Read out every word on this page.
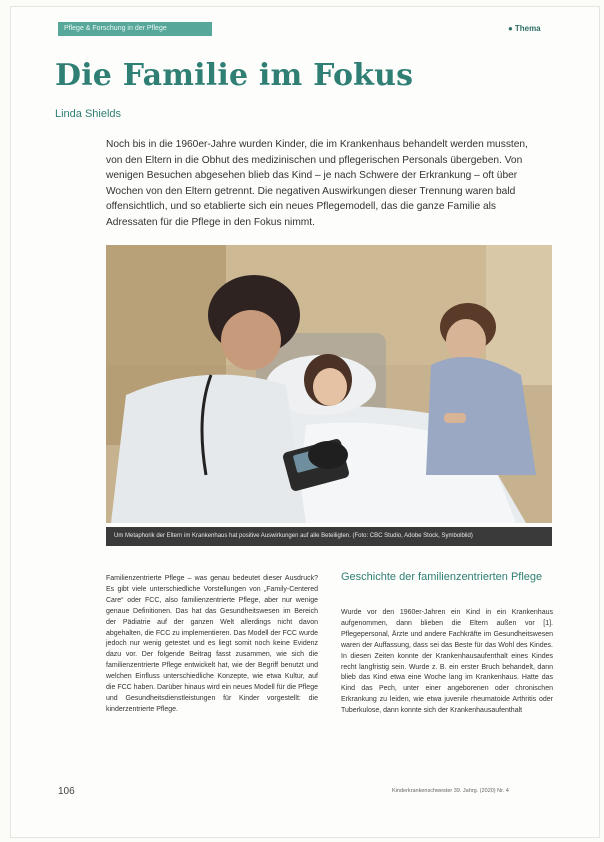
Pflege & Forschung in der Pflege	● Thema
Die Familie im Fokus
Linda Shields
Noch bis in die 1960er-Jahre wurden Kinder, die im Krankenhaus behandelt werden mussten, von den Eltern in die Obhut des medizinischen und pflegerischen Personals übergeben. Von wenigen Besuchen abgesehen blieb das Kind – je nach Schwere der Erkrankung – oft über Wochen von den Eltern getrennt. Die negativen Auswirkungen dieser Trennung waren bald offensichtlich, und so etablierte sich ein neues Pflegemodell, das die ganze Familie als Adressaten für die Pflege in den Fokus nimmt.
Um Metaphorik der Eltern im Krankenhaus hat positive Auswirkungen auf alle Beteiligten. (Foto: CBC Studio, Adobe Stock, Symbolbild)
Familienzentrierte Pflege – was genau bedeutet dieser Ausdruck? Es gibt viele unterschiedliche Vorstellungen von „Family-Centered Care“ oder FCC, also familienzentrierte Pflege, aber nur wenige genaue Definitionen. Das hat das Gesundheitswesen im Bereich der Pädiatrie auf der ganzen Welt allerdings nicht davon abgehalten, die FCC zu implementieren. Das Modell der FCC wurde jedoch nur wenig getestet und es liegt somit noch keine Evidenz dazu vor. Der folgende Beitrag fasst zusammen, wie sich die familienzentrierte Pflege entwickelt hat, wie der Begriff benutzt und welchen Einfluss unterschiedliche Konzepte, wie etwa Kultur, auf die FCC haben. Darüber hinaus wird ein neues Modell für die Pflege und Gesundheitsdienstleistungen für Kinder vorgestellt: die kinderzentrierte Pflege.
Geschichte der familienzentrierten Pflege
Wurde vor den 1960er-Jahren ein Kind in ein Krankenhaus aufgenommen, dann blieben die Eltern außen vor [1]. Pflegepersonal, Ärzte und andere Fachkräfte im Gesundheitswesen waren der Auffassung, dass sei das Beste für das Wohl des Kindes. In diesen Zeiten konnte der Krankenhausaufenthalt eines Kindes recht langfristig sein. Wurde z. B. ein erster Bruch behandelt, dann blieb das Kind etwa eine Woche lang im Krankenhaus. Hatte das Kind das Pech, unter einer angeborenen oder chronischen Erkrankung zu leiden, wie etwa juvenile rheumatoide Arthritis oder Tuberkulose, dann konnte sich der Krankenhausaufenthalt
106	Kinderkrankenschwester 39. Jahrg. (2020) Nr. 4
